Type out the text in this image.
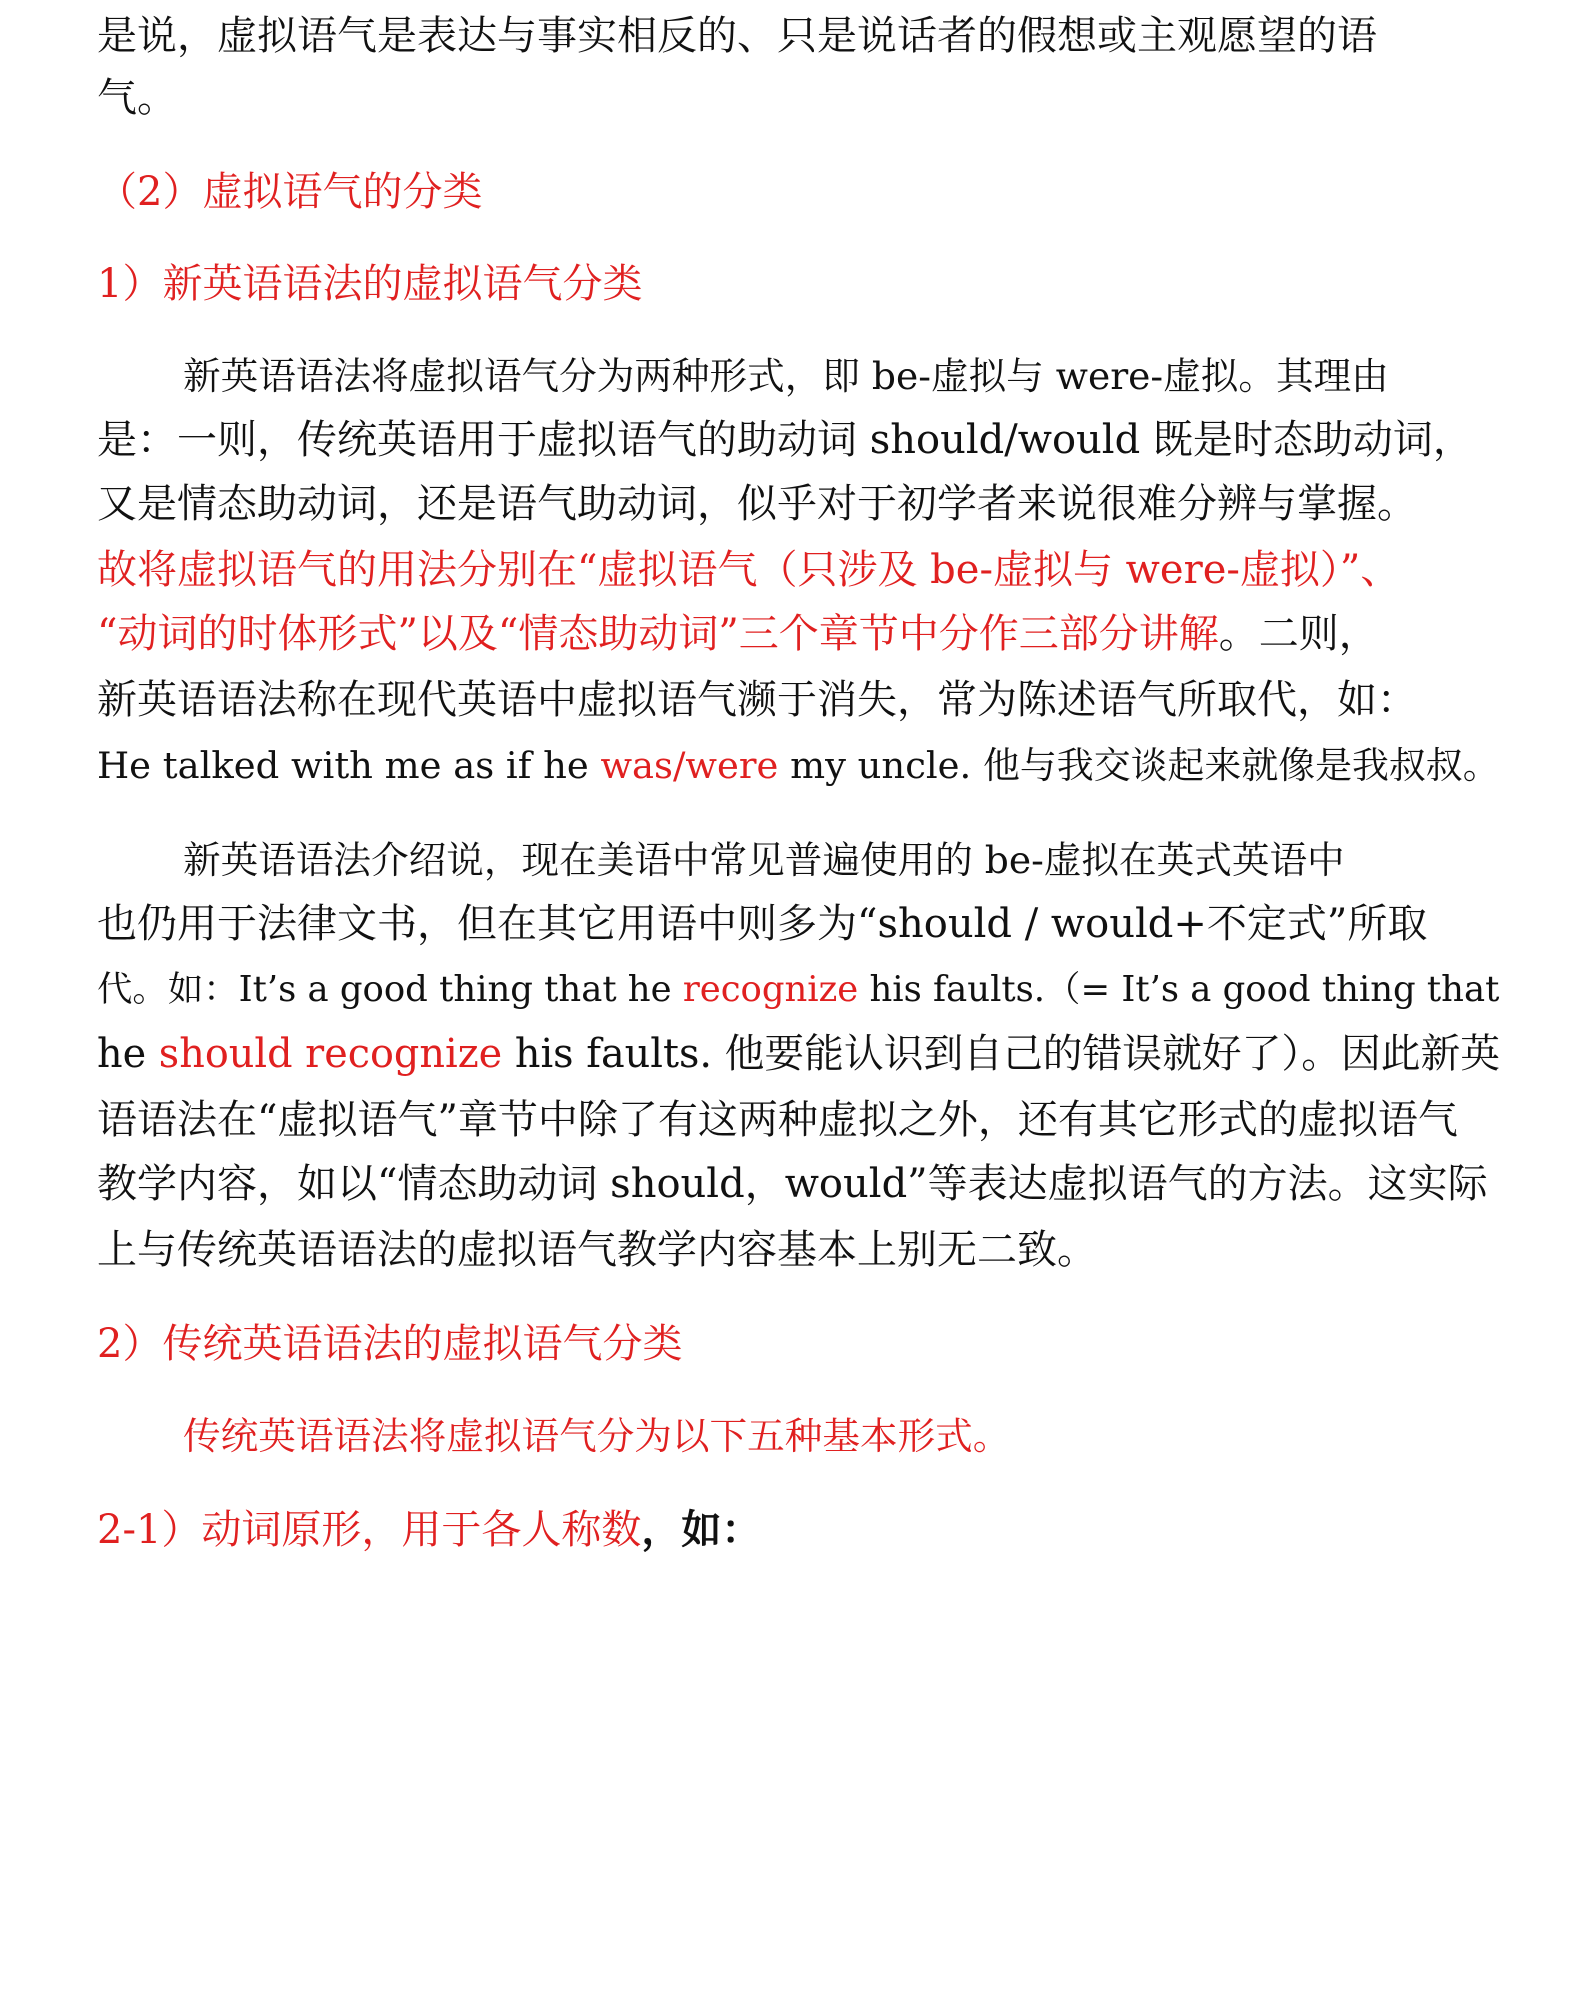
是说，虚拟语气是表达与事实相反的、只是说话者的假想或主观愿望的语
气。
（2）虚拟语气的分类
1）新英语语法的虚拟语气分类
新英语语法将虚拟语气分为两种形式，即 be-虚拟与 were-虚拟。其理由
是：一则，传统英语用于虚拟语气的助动词 should/would 既是时态助动词，
又是情态助动词，还是语气助动词，似乎对于初学者来说很难分辨与掌握。
故将虚拟语气的用法分别在“虚拟语气（只涉及 be-虚拟与 were-虚拟）”、
“动词的时体形式”以及“情态助动词”三个章节中分作三部分讲解。二则，
新英语语法称在现代英语中虚拟语气濒于消失，常为陈述语气所取代，如：
He talked with me as if he was/were my uncle. 他与我交谈起来就像是我叔叔。
新英语语法介绍说，现在美语中常见普遍使用的 be-虚拟在英式英语中
也仍用于法律文书，但在其它用语中则多为“should / would+不定式”所取
代。如：It’s a good thing that he recognize his faults.（= It’s a good thing that
he should recognize his faults. 他要能认识到自己的错误就好了）。因此新英
语语法在“虚拟语气”章节中除了有这两种虚拟之外，还有其它形式的虚拟语气
教学内容，如以“情态助动词 should，would”等表达虚拟语气的方法。这实际
上与传统英语语法的虚拟语气教学内容基本上别无二致。
2）传统英语语法的虚拟语气分类
传统英语语法将虚拟语气分为以下五种基本形式。
2-1）动词原形，用于各人称数，如：
